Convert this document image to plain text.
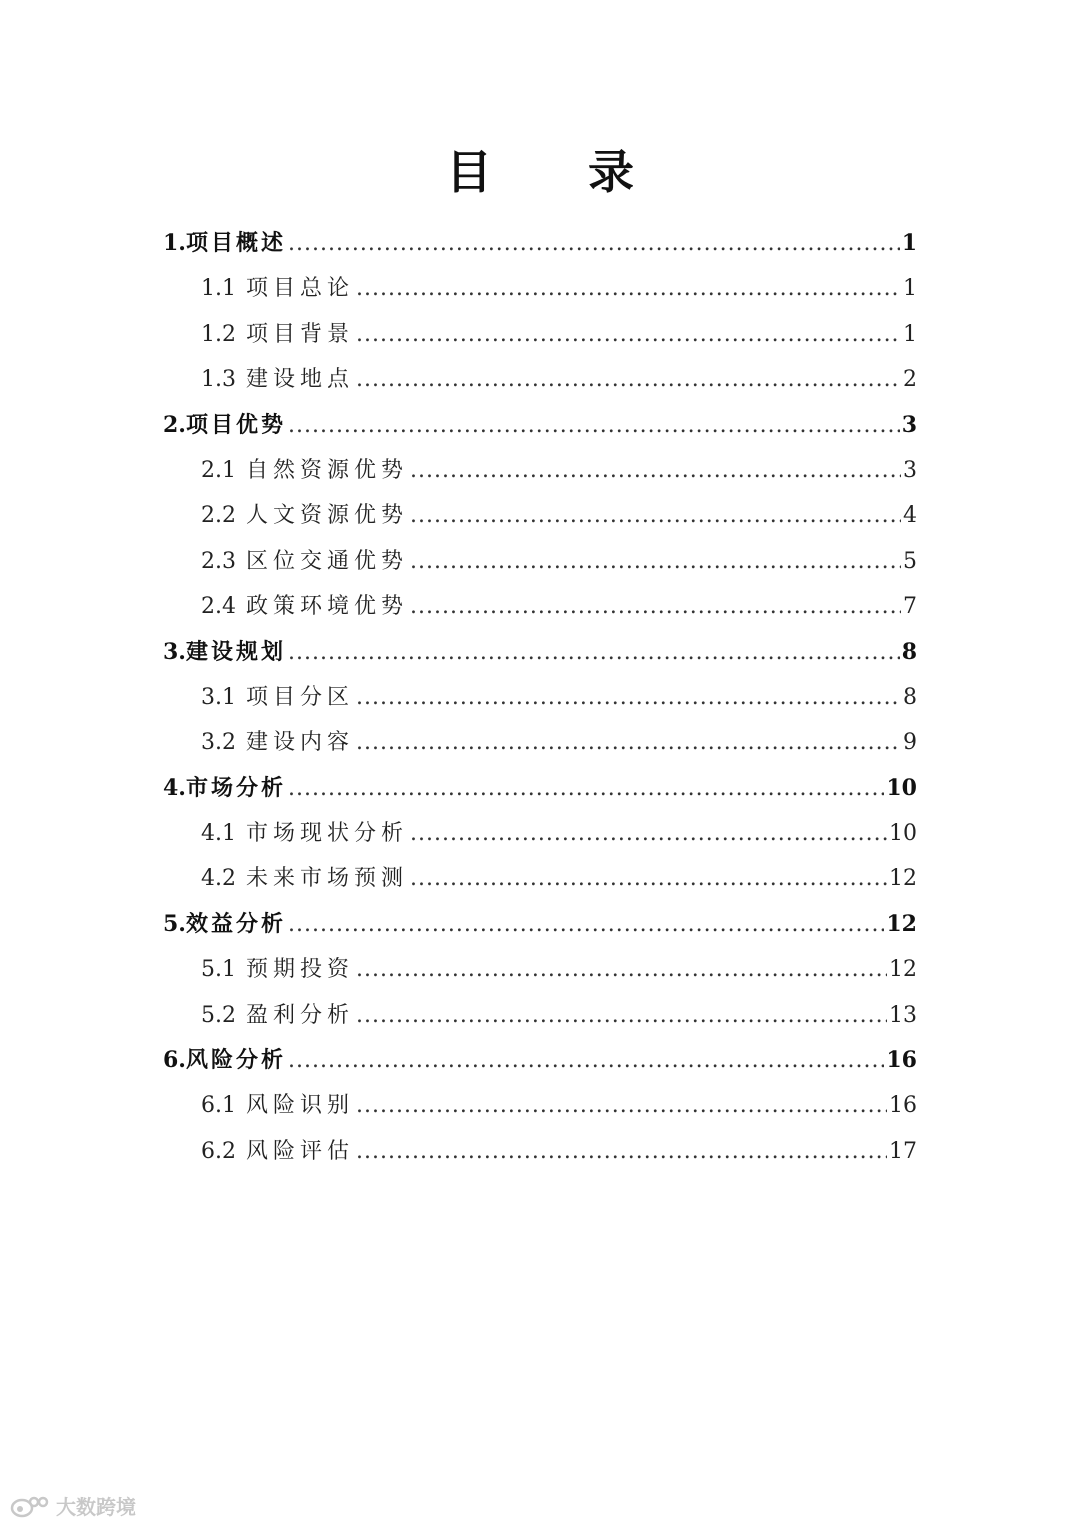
目 录
1. 项目概述 .....	1
1.1 项目总论 .....	1
1.2 项目背景 .....	1
1.3 建设地点 .....	2
2. 项目优势 .....	3
2.1 自然资源优势 .....	3
2.2 人文资源优势 .....	4
2.3 区位交通优势 .....	5
2.4 政策环境优势 .....	7
3. 建设规划 .....	8
3.1 项目分区 .....	8
3.2 建设内容 .....	9
4. 市场分析 .....	10
4.1 市场现状分析 .....	10
4.2 未来市场预测 .....	12
5. 效益分析 .....	12
5.1 预期投资 .....	12
5.2 盈利分析 .....	13
6. 风险分析 .....	16
6.1 风险识别 .....	16
6.2 风险评估 .....	17
大数跨境
